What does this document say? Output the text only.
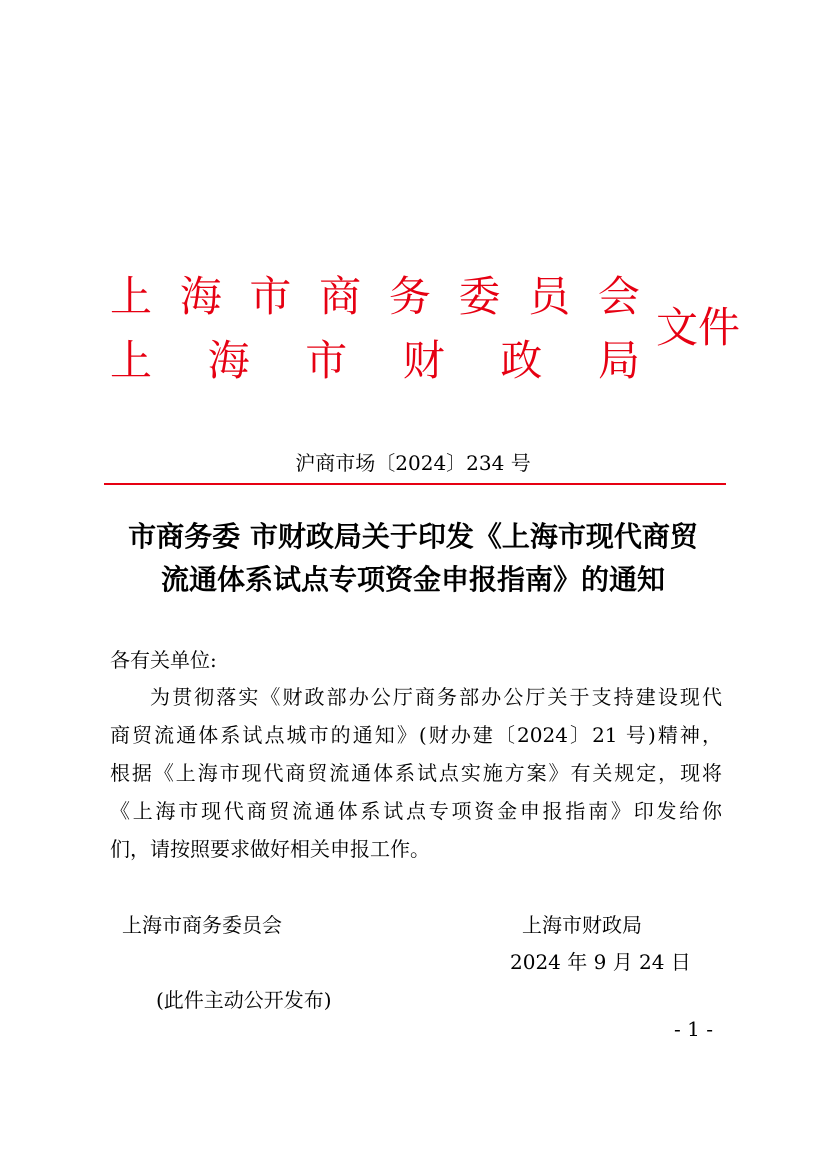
上 海 市 商 务 委 员 会
上 海 市 财 政 局
文件
沪商市场〔2024〕234 号
市商务委 市财政局关于印发《上海市现代商贸
流通体系试点专项资金申报指南》的通知
各有关单位:
为贯彻落实《财政部办公厅商务部办公厅关于支持建设现代
商贸流通体系试点城市的通知》(财办建〔2024〕21 号)精神，
根据《上海市现代商贸流通体系试点实施方案》有关规定，现将
《上海市现代商贸流通体系试点专项资金申报指南》印发给你
们，请按照要求做好相关申报工作。
上海市商务委员会	上海市财政局
2024 年 9 月 24 日
(此件主动公开发布)
- 1 -
